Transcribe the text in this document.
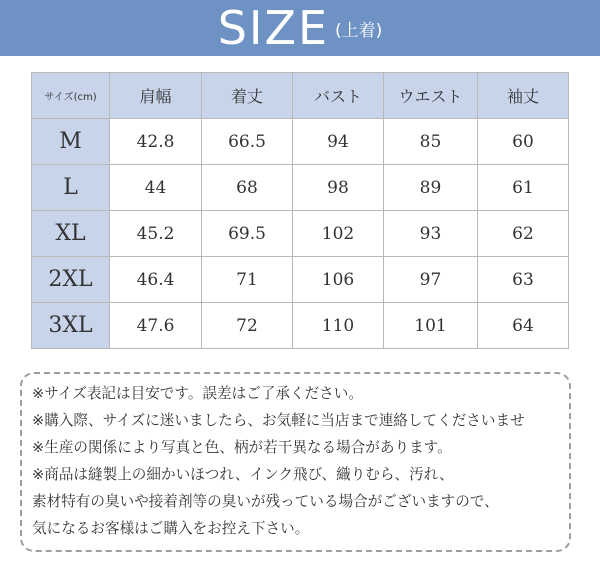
SIZE (上着)
サイズ(cm)	肩幅	着丈	バスト	ウエスト	袖丈
M	42.8	66.5	94	85	60
L	44	68	98	89	61
XL	45.2	69.5	102	93	62
2XL	46.4	71	106	97	63
3XL	47.6	72	110	101	64
※サイズ表記は目安です。誤差はご了承ください。
※購入際、サイズに迷いましたら、お気軽に当店まで連絡してくださいませ
※生産の関係により写真と色、柄が若干異なる場合があります。
※商品は縫製上の細かいほつれ、インク飛び、織りむら、汚れ、
素材特有の臭いや接着剤等の臭いが残っている場合がございますので、
気になるお客様はご購入をお控え下さい。
